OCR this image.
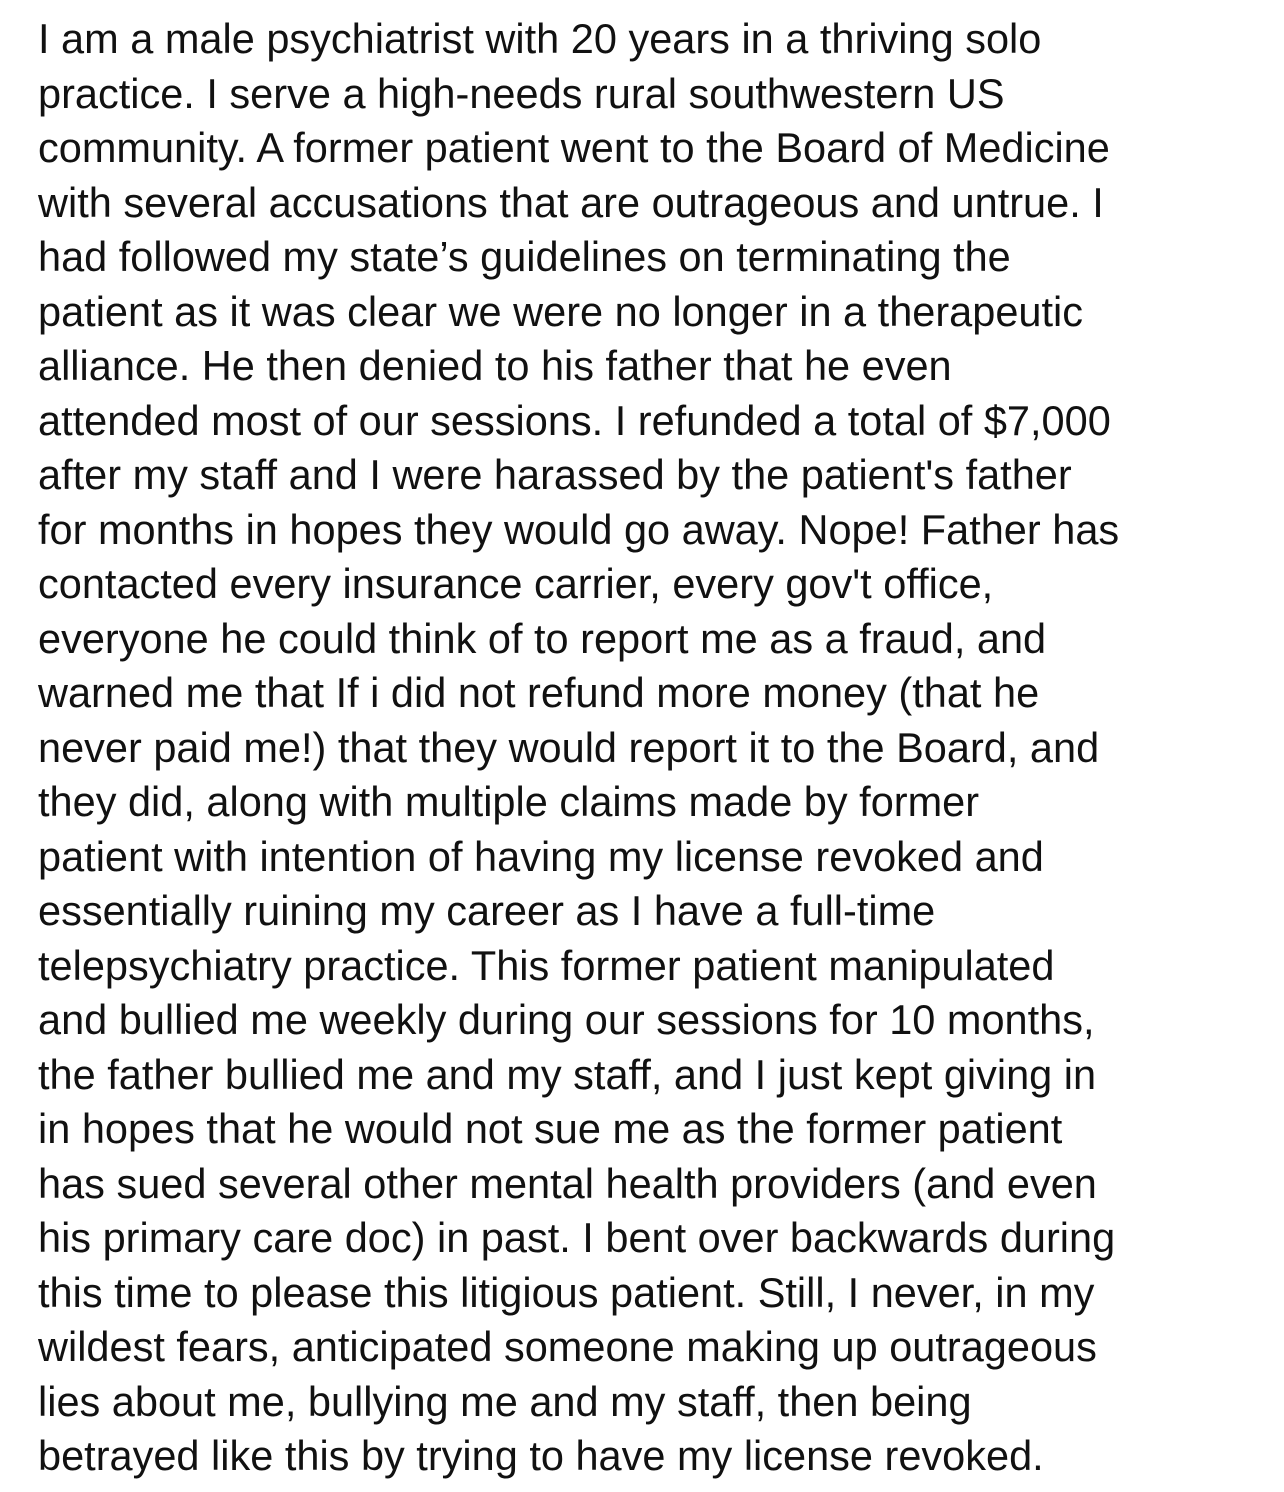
I am a male psychiatrist with 20 years in a thriving solo
practice. I serve a high-needs rural southwestern US
community. A former patient went to the Board of Medicine
with several accusations that are outrageous and untrue. I
had followed my state’s guidelines on terminating the
patient as it was clear we were no longer in a therapeutic
alliance. He then denied to his father that he even
attended most of our sessions. I refunded a total of $7,000
after my staff and I were harassed by the patient's father
for months in hopes they would go away. Nope! Father has
contacted every insurance carrier, every gov't office,
everyone he could think of to report me as a fraud, and
warned me that If i did not refund more money (that he
never paid me!) that they would report it to the Board, and
they did, along with multiple claims made by former
patient with intention of having my license revoked and
essentially ruining my career as I have a full-time
telepsychiatry practice. This former patient manipulated
and bullied me weekly during our sessions for 10 months,
the father bullied me and my staff, and I just kept giving in
in hopes that he would not sue me as the former patient
has sued several other mental health providers (and even
his primary care doc) in past. I bent over backwards during
this time to please this litigious patient. Still, I never, in my
wildest fears, anticipated someone making up outrageous
lies about me, bullying me and my staff, then being
betrayed like this by trying to have my license revoked.
